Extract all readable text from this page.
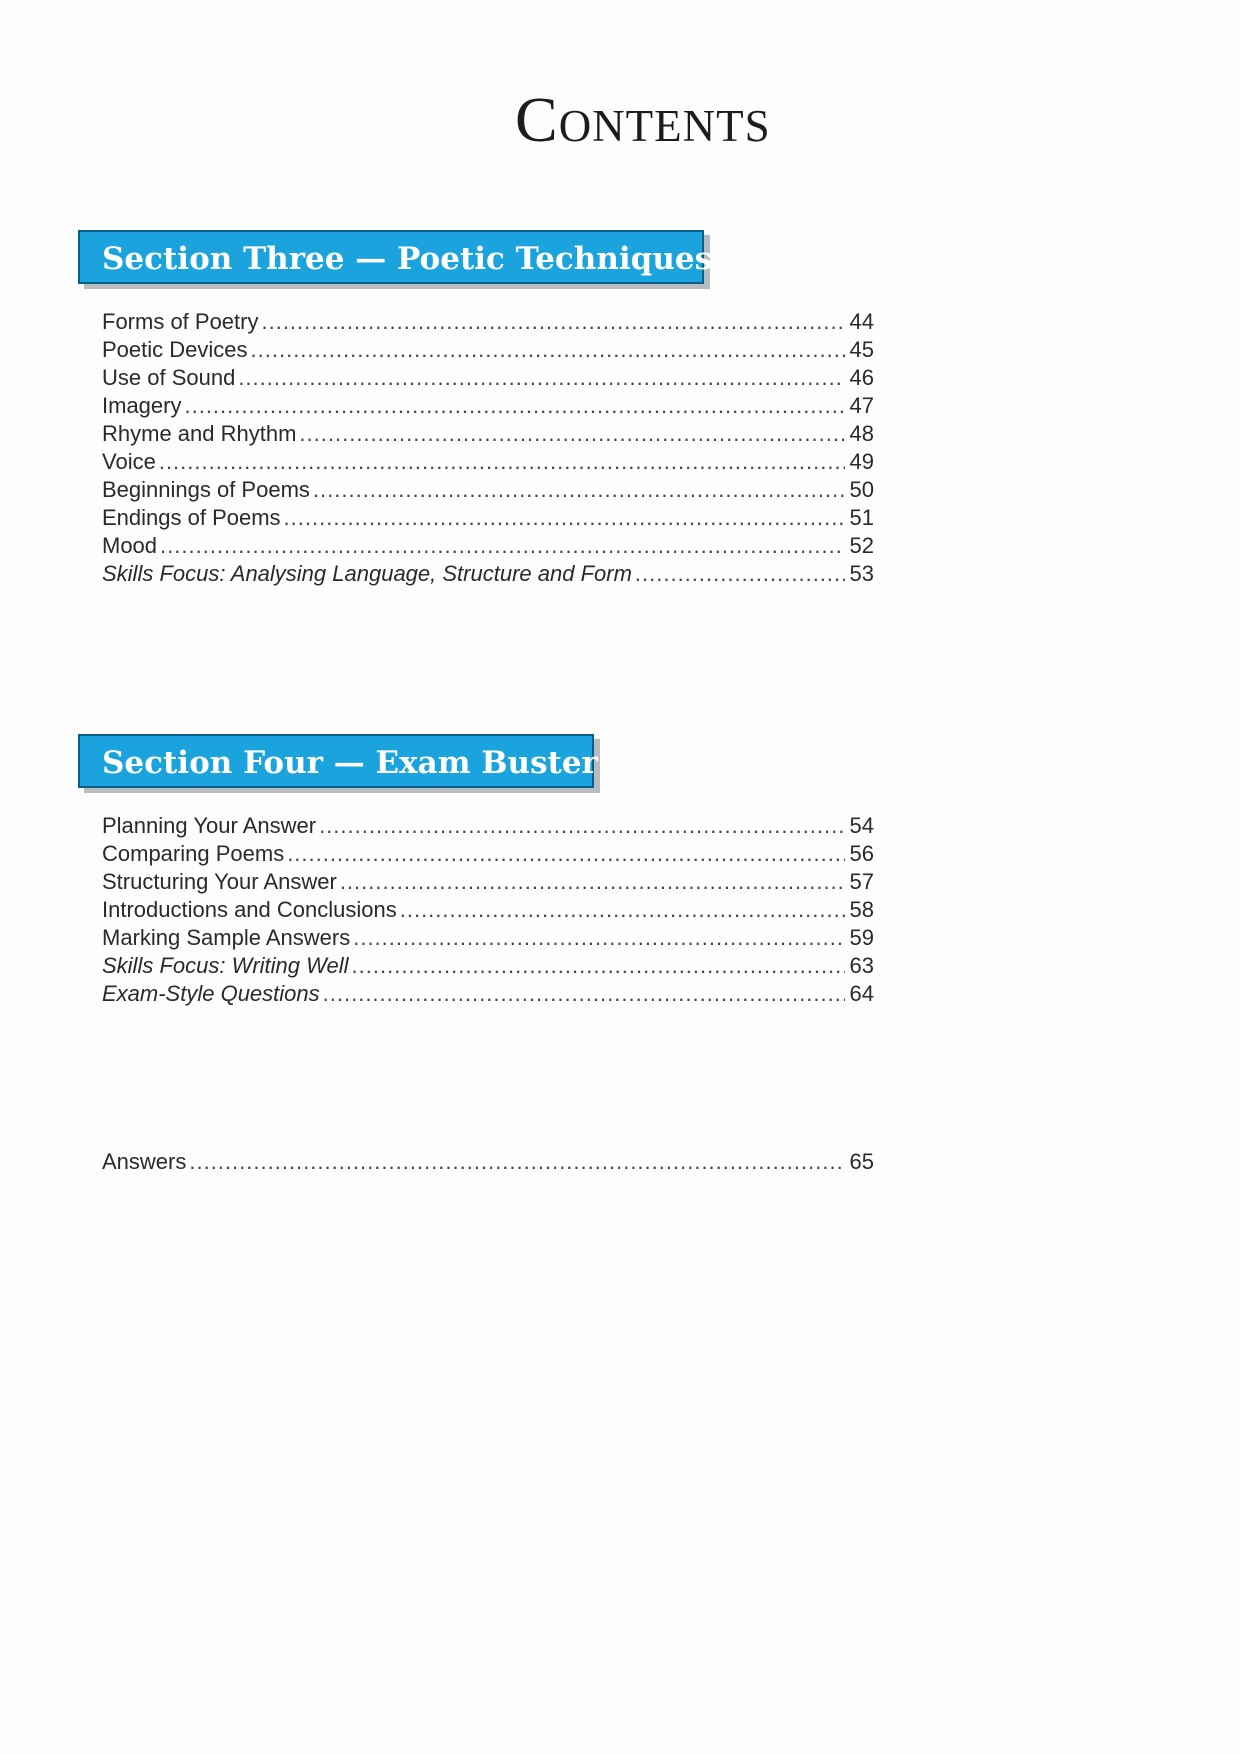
Contents
Section Three — Poetic Techniques
Forms of Poetry .....	44
Poetic Devices .....	45
Use of Sound .....	46
Imagery .....	47
Rhyme and Rhythm .....	48
Voice .....	49
Beginnings of Poems .....	50
Endings of Poems .....	51
Mood .....	52
Skills Focus: Analysing Language, Structure and Form .....	53
Section Four — Exam Buster
Planning Your Answer .....	54
Comparing Poems .....	56
Structuring Your Answer .....	57
Introductions and Conclusions .....	58
Marking Sample Answers .....	59
Skills Focus: Writing Well .....	63
Exam-Style Questions .....	64
Answers .....	65
